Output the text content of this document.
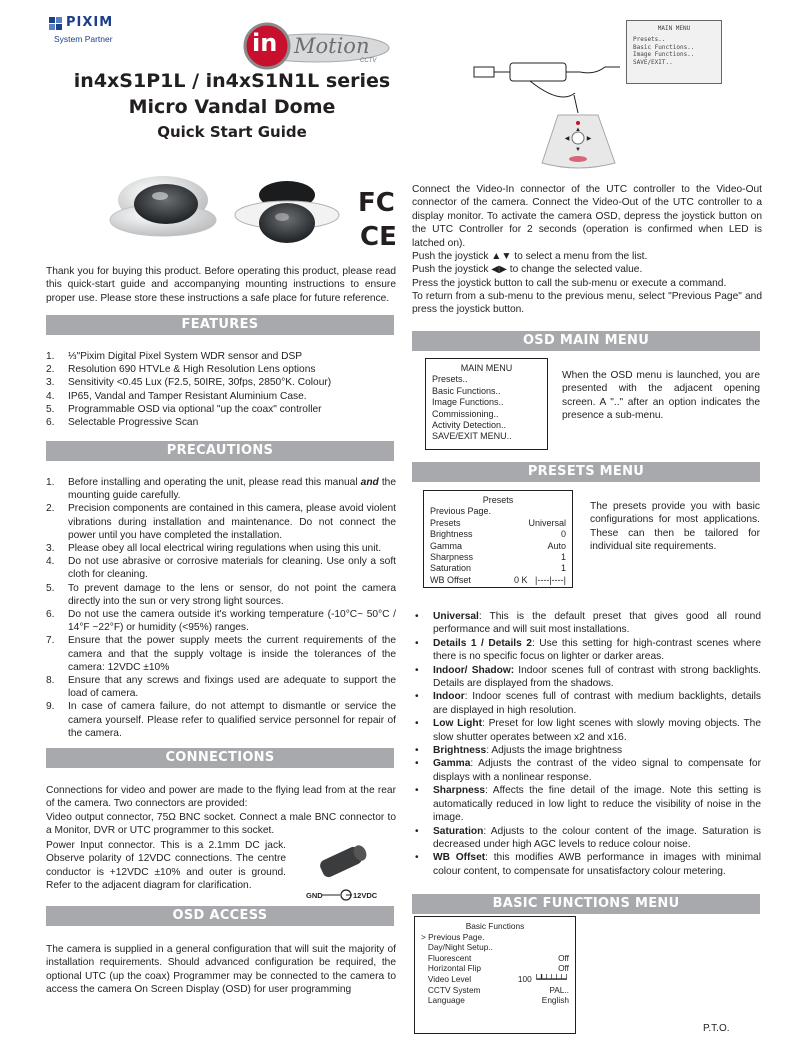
PIXIM
System Partner	in Motion
CCTV
in4xS1P1L / in4xS1N1L series
Micro Vandal Dome
Quick Start Guide
FC
CE
Thank you for buying this product. Before operating this product, please read this quick-start guide and accompanying mounting instructions to ensure proper use. Please store these instructions a safe place for future reference.
FEATURES
1. ⅓"Pixim Digital Pixel System WDR sensor and DSP
2. Resolution 690 HTVLe & High Resolution Lens options
3. Sensitivity <0.45 Lux (F2.5, 50IRE, 30fps, 2850°K. Colour)
4. IP65, Vandal and Tamper Resistant Aluminium Case.
5. Programmable OSD via optional "up the coax" controller
6. Selectable Progressive Scan
PRECAUTIONS
1. Before installing and operating the unit, please read this manual and the mounting guide carefully.
2. Precision components are contained in this camera, please avoid violent vibrations during installation and maintenance. Do not connect the power until you have completed the installation.
3. Please obey all local electrical wiring regulations when using this unit.
4. Do not use abrasive or corrosive materials for cleaning. Use only a soft cloth for cleaning.
5. To prevent damage to the lens or sensor, do not point the camera directly into the sun or very strong light sources.
6. Do not use the camera outside it's working temperature (-10°C~ 50°C / 14°F ~22°F) or humidity (<95%) ranges.
7. Ensure that the power supply meets the current requirements of the camera and that the supply voltage is inside the tolerances of the camera: 12VDC ±10%
8. Ensure that any screws and fixings used are adequate to support the load of camera.
9. In case of camera failure, do not attempt to dismantle or service the camera yourself. Please refer to qualified service personnel for repair of the camera.
CONNECTIONS
Connections for video and power are made to the flying lead from at the rear of the camera. Two connectors are provided:
Video output connector, 75Ω BNC socket. Connect a male BNC connector to a Monitor, DVR or UTC programmer to this socket.
Power Input connector. This is a 2.1mm DC jack. Observe polarity of 12VDC connections. The centre conductor is +12VDC ±10% and outer is ground. Refer to the adjacent diagram for clarification.
GND	12VDC
OSD ACCESS
The camera is supplied in a general configuration that will suit the majority of installation requirements. Should advanced configuration be required, the optional UTC (up the coax) Programmer may be connected to the camera to access the camera On Screen Display (OSD) for user programming
MAIN MENU
Presets..
Basic Functions..
Image Functions..
SAVE/EXIT..
▲
▼
◀	▶
Connect the Video-In connector of the UTC controller to the Video-Out connector of the camera. Connect the Video-Out of the UTC controller to a display monitor. To activate the camera OSD, depress the joystick button on the UTC Controller for 2 seconds (operation is confirmed when LED is latched on).
Push the joystick ▲▼ to select a menu from the list.
Push the joystick ◀▶ to change the selected value.
Press the joystick button to call the sub-menu or execute a command.
To return from a sub-menu to the previous menu, select "Previous Page" and press the joystick button.
OSD MAIN MENU
MAIN MENU
Presets..
Basic Functions..
Image Functions..
Commissioning..
Activity Detection..
SAVE/EXIT MENU..
When the OSD menu is launched, you are presented with the adjacent opening screen. A ".." after an option indicates the presence a sub-menu.
PRESETS MENU
Presets
Previous Page.
Presets	Universal
Brightness	0
Gamma	Auto
Sharpness	1
Saturation	1
WB Offset	0 K   |----|----|
The presets provide you with basic configurations for most applications. These can then be tailored for individual site requirements.
• Universal: This is the default preset that gives good all round performance and will suit most installations.
• Details 1 / Details 2: Use this setting for high-contrast scenes where there is no specific focus on lighter or darker areas.
• Indoor/ Shadow: Indoor scenes full of contrast with strong backlights. Details are displayed from the shadows.
• Indoor: Indoor scenes full of contrast with medium backlights, details are displayed in high resolution.
• Low Light: Preset for low light scenes with slowly moving objects. The slow shutter operates between x2 and x16.
• Brightness: Adjusts the image brightness
• Gamma: Adjusts the contrast of the video signal to compensate for displays with a nonlinear response.
• Sharpness: Affects the fine detail of the image. Note this setting is automatically reduced in low light to reduce the visibility of noise in the image.
• Saturation: Adjusts to the colour content of the image. Saturation is decreased under high AGC levels to reduce colour noise.
• WB Offset: this modifies AWB performance in images with minimal colour content, to compensate for unsatisfactory colour metering.
BASIC FUNCTIONS MENU
Basic Functions
> Previous Page.
Day/Night Setup..
Fluorescent	Off
Horizontal Flip	Off
Video Level	100 ┕┻┷┷┷┷┙
CCTV System	PAL..
Language	English
P.T.O.
